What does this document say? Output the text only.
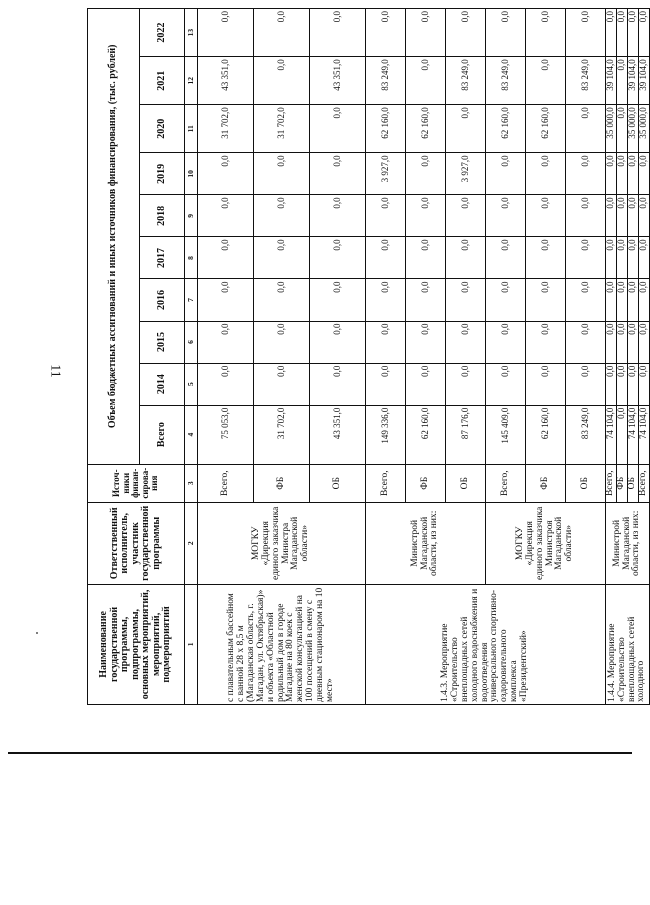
11
Наименование государственной программы, подпрограммы, основных мероприятий, мероприятий, подмероприятий	Ответственный исполнитель, участник государственной программы	Источ-ники финан-сирова-ния	Объем бюджетных ассигнований и иных источников финансирования, (тыс. рублей)									
			Всего	2014	2015	2016	2017	2018	2019	2020	2021	2022
1	2	3	4	5	6	7	8	9	10	11	12	13
с плавательным бассейном с ванной 28 x 8,5 м (Магаданская область, г. Магадан, ул. Октябрьская)» и объекта «Областной родильный дом в городе Магадане на 80 коек с женской консультацией на 100 посещений в смену с дневным стационаром на 10 мест»	МОГКУ «Дирекция единого заказчика Министра Магаданской области»	Всего,	75 053,0	0,0	0,0	0,0	0,0	0,0	0,0	31 702,0	43 351,0	0,0
		ФБ	31 702,0	0,0	0,0	0,0	0,0	0,0	0,0	31 702,0	0,0	0,0
		ОБ	43 351,0	0,0	0,0	0,0	0,0	0,0	0,0	0,0	43 351,0	0,0
1.4.3. Мероприятие «Строительство внеплощадных сетей холодного водоснабжения и водоотведения универсального спортивно-оздоровительного комплекса «Президентский»	Министрой Магаданской области, из них:	Всего,	149 336,0	0,0	0,0	0,0	0,0	0,0	3 927,0	62 160,0	83 249,0	0,0
		ФБ	62 160,0	0,0	0,0	0,0	0,0	0,0	0,0	62 160,0	0,0	0,0
		ОБ	87 176,0	0,0	0,0	0,0	0,0	0,0	3 927,0	0,0	83 249,0	0,0
	МОГКУ «Дирекция единого заказчика Министроя Магаданской области»	Всего,	145 409,0	0,0	0,0	0,0	0,0	0,0	0,0	62 160,0	83 249,0	0,0
		ФБ	62 160,0	0,0	0,0	0,0	0,0	0,0	0,0	62 160,0	0,0	0,0
		ОБ	83 249,0	0,0	0,0	0,0	0,0	0,0	0,0	0,0	83 249,0	0,0
1.4.4. Мероприятие «Строительство внеплощадных сетей холодного	Министрой Магаданской области, из них:	Всего,	74 104,0	0,0	0,0	0,0	0,0	0,0	0,0	35 000,0	39 104,0	0,0
		ФБ	0,0	0,0	0,0	0,0	0,0	0,0	0,0	0,0	0,0	0,0
		ОБ	74 104,0	0,0	0,0	0,0	0,0	0,0	0,0	35 000,0	39 104,0	0,0
		Всего,	74 104,0	0,0	0,0	0,0	0,0	0,0	0,0	35 000,0	39 104,0	0,0
